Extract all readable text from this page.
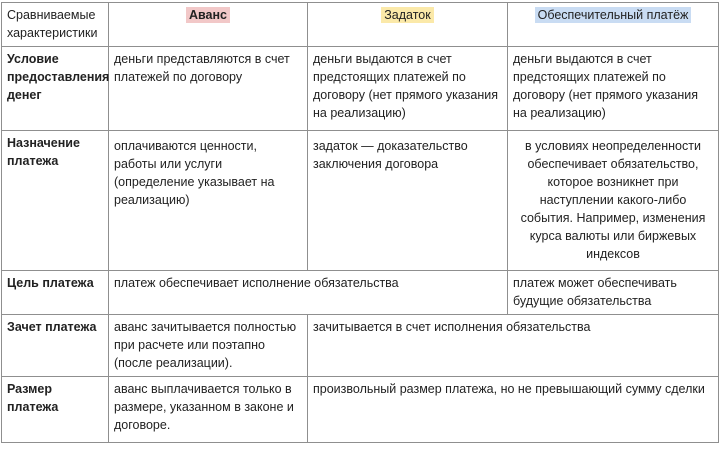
Сравниваемые характеристики	Аванс	Задаток	Обеспечительный платёж
Условие предоставления денег	деньги представляются в счет платежей по договору	деньги выдаются в счет предстоящих платежей по договору (нет прямого указания на реализацию)	деньги выдаются в счет предстоящих платежей по договору (нет прямого указания на реализацию)
Назначение платежа	оплачиваются ценности, работы или услуги (определение указывает на реализацию)	задаток — доказательство заключения договора	в условиях неопределенности обеспечивает обязательство, которое возникнет при наступлении какого-либо события. Например, изменения курса валюты или биржевых индексов
Цель платежа	платеж обеспечивает исполнение обязательства		платеж может обеспечивать будущие обязательства
Зачет платежа	аванс зачитывается полностью при расчете или поэтапно (после реализации).	зачитывается в счет исполнения обязательства	
Размер платежа	аванс выплачивается только в размере, указанном в законе и договоре.	произвольный размер платежа, но не превышающий сумму сделки	
